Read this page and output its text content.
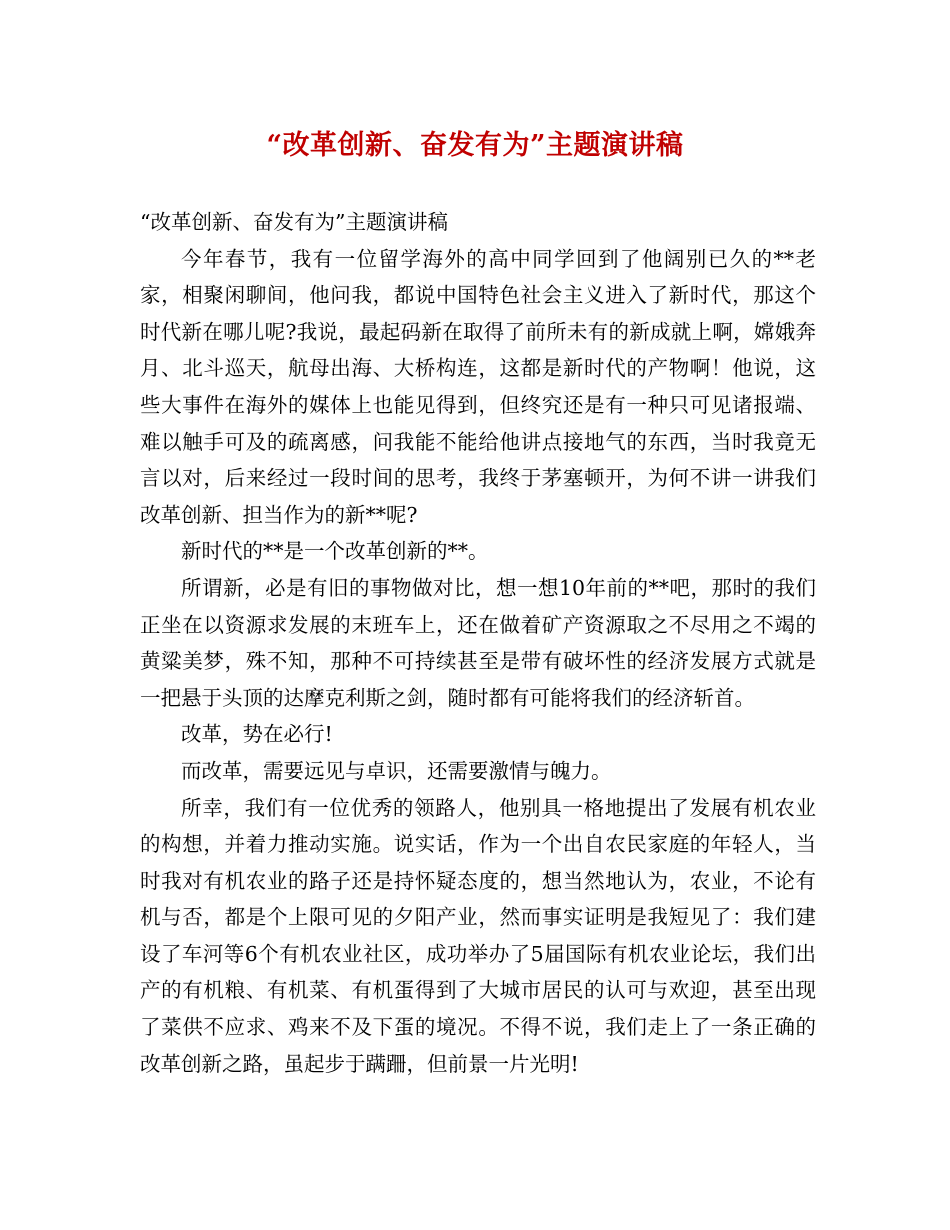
“改革创新、奋发有为”主题演讲稿

“改革创新、奋发有为”主题演讲稿

今年春节，我有一位留学海外的高中同学回到了他阔别已久的**老家，相聚闲聊间，他问我，都说中国特色社会主义进入了新时代，那这个时代新在哪儿呢?我说，最起码新在取得了前所未有的新成就上啊，嫦娥奔月、北斗巡天，航母出海、大桥构连，这都是新时代的产物啊！他说，这些大事件在海外的媒体上也能见得到，但终究还是有一种只可见诸报端、难以触手可及的疏离感，问我能不能给他讲点接地气的东西，当时我竟无言以对，后来经过一段时间的思考，我终于茅塞顿开，为何不讲一讲我们改革创新、担当作为的新**呢?

新时代的**是一个改革创新的**。

所谓新，必是有旧的事物做对比，想一想10年前的**吧，那时的我们正坐在以资源求发展的末班车上，还在做着矿产资源取之不尽用之不竭的黄粱美梦，殊不知，那种不可持续甚至是带有破坏性的经济发展方式就是一把悬于头顶的达摩克利斯之剑，随时都有可能将我们的经济斩首。

改革，势在必行!

而改革，需要远见与卓识，还需要激情与魄力。

所幸，我们有一位优秀的领路人，他别具一格地提出了发展有机农业的构想，并着力推动实施。说实话，作为一个出自农民家庭的年轻人，当时我对有机农业的路子还是持怀疑态度的，想当然地认为，农业，不论有机与否，都是个上限可见的夕阳产业，然而事实证明是我短见了：我们建设了车河等6个有机农业社区，成功举办了5届国际有机农业论坛，我们出产的有机粮、有机菜、有机蛋得到了大城市居民的认可与欢迎，甚至出现了菜供不应求、鸡来不及下蛋的境况。不得不说，我们走上了一条正确的改革创新之路，虽起步于蹒跚，但前景一片光明!
